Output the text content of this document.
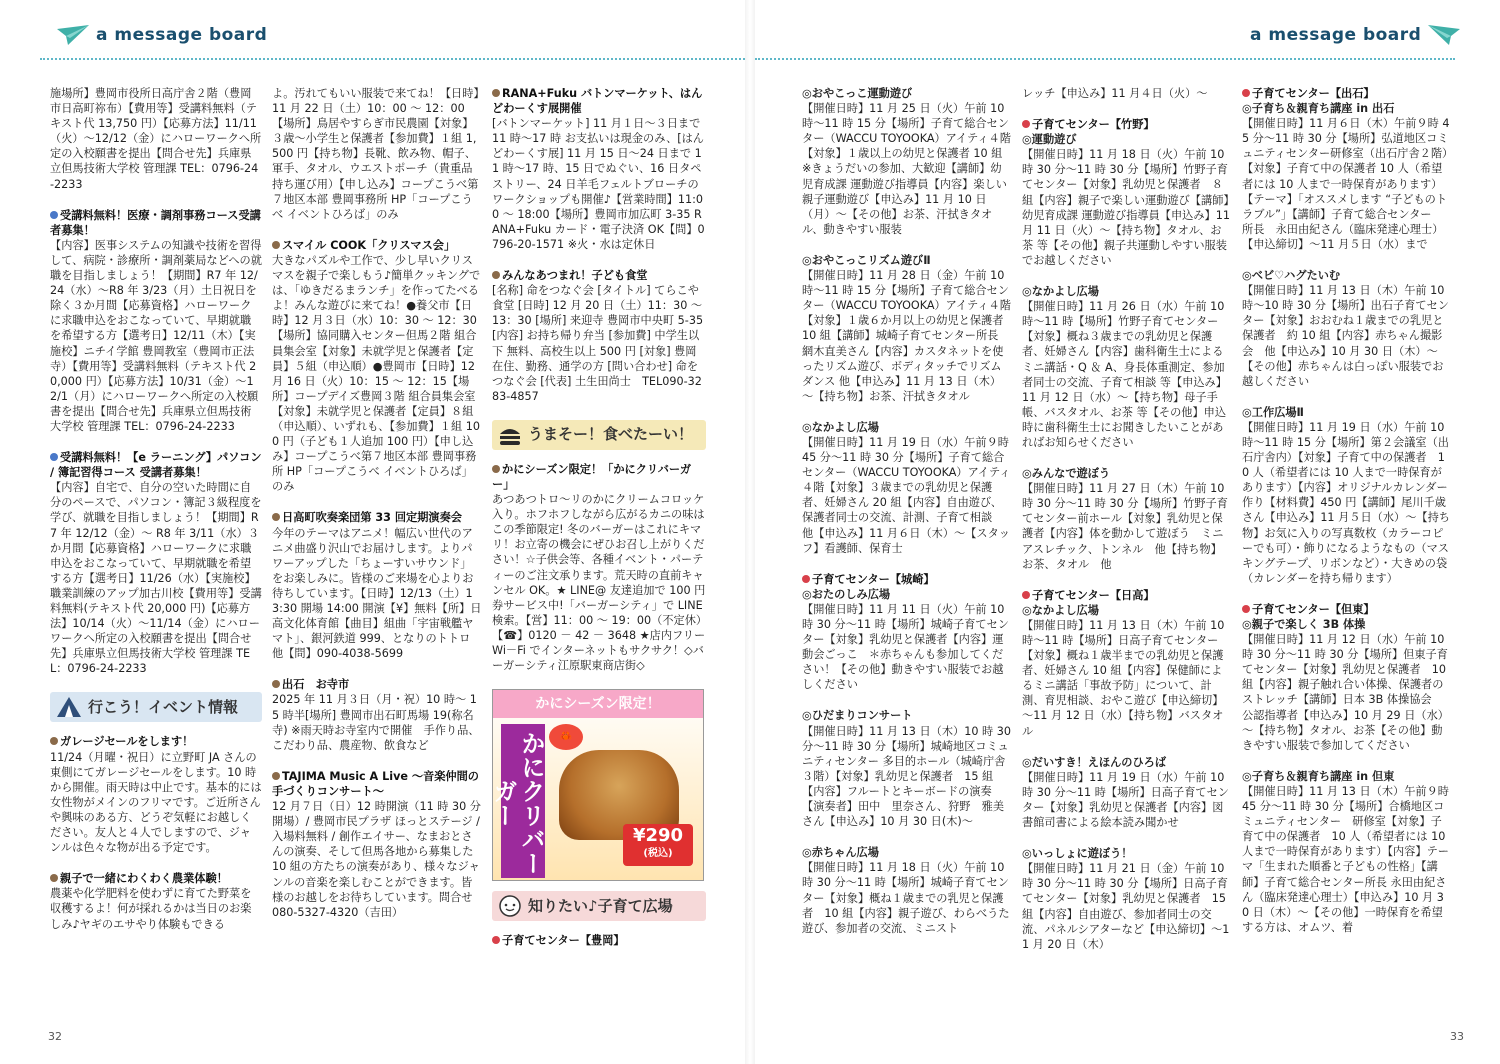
a message board
施場所】豊岡市役所日高庁舎２階（豊岡市日高町祢布）【費用等】受講料無料（テキスト代 13,750 円）【応募方法】11/11（火）～12/12（金）にハローワークへ所定の入校願書を提出【問合せ先】兵庫県立但馬技術大学校 管理課 TEL：0796-24-2233
受講料無料！医療・調剤事務コース受講者募集！
【内容】医事システムの知識や技術を習得して、病院・診療所・調剤薬局などへの就職を目指しましょう！【期間】R7 年 12/24（水）～R8 年 3/23（月）土日祝日を除く３か月間【応募資格】ハローワークに求職申込をおこなっていて、早期就職を希望する方【選考日】12/11（木）【実施校】ニチイ学館 豊岡教室（豊岡市正法寺）【費用等】受講料無料（テキスト代 20,000 円）【応募方法】10/31（金）～12/1（月）にハローワークへ所定の入校願書を提出【問合せ先】兵庫県立但馬技術大学校 管理課 TEL：0796-24-2233
受講料無料！【e ラーニング】パソコン / 簿記習得コース 受講者募集！
【内容】自宅で、自分の空いた時間に自分のペースで、パソコン・簿記３級程度を学び、就職を目指しましょう！【期間】R7 年 12/12（金）～ R8 年 3/11（水）３か月間【応募資格】ハローワークに求職申込をおこなっていて、早期就職を希望する方【選考日】11/26（水）【実施校】職業訓練のアップ加古川校【費用等】受講料無料(テキスト代 20,000 円)【応募方法】10/14（火）～11/14（金）にハローワークへ所定の入校願書を提出【問合せ先】兵庫県立但馬技術大学校 管理課 TEL：0796-24-2233
行こう！イベント情報
ガレージセールをします！
11/24（月曜・祝日）に立野町 JA さんの東側にてガレージセールをします。10 時から開催。雨天時は中止です。基本的には女性物がメインのフリマです。ご近所さんや興味のある方、どうぞ気軽にお越しください。友人と４人でしますので、ジャンルは色々な物が出る予定です。
親子で一緒にわくわく農業体験！
農薬や化学肥料を使わずに育てた野菜を収穫するよ！何が採れるかは当日のお楽しみ♪ヤギのエサやり体験もできる
よ。汚れてもいい服装で来てね！【日時】11 月 22 日（土）10：00 ～ 12：00【場所】鳥居やすらぎ市民農園【対象】３歳～小学生と保護者【参加費】１組 1,500 円【持ち物】長靴、飲み物、帽子、軍手、タオル、ウエストポーチ（貴重品持ち運び用）【申し込み】コープこうべ第７地区本部 豊岡事務所 HP「コープこうべ イベントひろば」のみ
スマイル COOK「クリスマス会」
大きなパズルや工作で、少し早いクリスマスを親子で楽しもう♪簡単クッキングでは、「ゆきだるまランチ」を作ってたべるよ！みんな遊びに来てね！●養父市【日時】12 月３日（水）10：30 ～ 12：30【場所】協同購入センター但馬２階 組合員集会室【対象】未就学児と保護者【定員】５組（申込順）●豊岡市【日時】12 月 16 日（火）10：15 ～ 12：15【場所】コープデイズ豊岡３階 組合員集会室【対象】未就学児と保護者【定員】８組（申込順）、いずれも、【参加費】１組 100 円（子ども１人追加 100 円）【申し込み】コープこうべ第７地区本部 豊岡事務所 HP「コープこうべ イベントひろば」のみ
日高町吹奏楽団第 33 回定期演奏会
今年のテーマはアニメ！幅広い世代のアニメ曲盛り沢山でお届けします。よりパワーアップした「ちょーすいサウンド」をお楽しみに。皆様のご来場を心よりお待ちしています。【日時】12/13（土）13:30 開場 14:00 開演【¥】無料【所】日高文化体育館【曲目】組曲「宇宙戦艦ヤマト」、銀河鉄道 999、となりのトトロ 他【問】090-4038-5699
出石　お寺市
2025 年 11 月３日（月・祝）10 時～ 15 時半[場所] 豊岡市出石町馬場 19(称名寺) ※雨天時お寺室内で開催　手作り品、こだわり品、農産物、飲食など
TAJIMA Music A Live ～音楽仲間の手づくりコンサート～
12 月７日（日）12 時開演（11 時 30 分開場）/ 豊岡市民プラザ ほっとステージ / 入場料無料 / 創作エイサー、なまおとさんの演奏、そして但馬各地から募集した 10 組の方たちの演奏があり、様々なジャンルの音楽を楽しむことができます。皆様のお越しをお待ちしています。問合せ　080-5327-4320（吉田）
RANA+Fuku バトンマーケット、はんどわーくす展開催
[バトンマーケット] 11 月１日～３日まで 11 時～17 時 お支払いは現金のみ、[はんどわーくす展] 11 月 15 日～24 日まで 11 時～17 時、15 日でぬぐい、16 日タペストリー、24 日羊毛フェルトブローチのワークショップも開催♪【営業時間】11:00 ～ 18:00【場所】豊岡市加広町 3-35 RANA+Fuku カード・電子決済 OK【問】0796-20-1571 ※火・水は定休日
みんなあつまれ！子ども食堂
[名称] 命をつなぐ会 [タイトル] てらこや食堂 [日時] 12 月 20 日（土）11：30 ～ 13：30 [場所] 来迎寺 豊岡市中央町 5-35 [内容] お持ち帰り弁当 [参加費] 中学生以下 無料、高校生以上 500 円 [対象] 豊岡在住、勤務、通学の方 [問い合わせ] 命をつなぐ会 [代表] 土生田尚士　TEL090-3283-4857
うまそー！食べたーい！
かにシーズン限定！「かにクリバーガー」
あつあつトロ～リのかにクリームコロッケ入り。ホフホフしながら広がるカニの味はこの季節限定! 冬のバーガーはこれにキマリ！お立寄の機会にぜひお召し上がりください！☆子供会等、各種イベント・パーティーのご注文承ります。荒天時の直前キャンセル OK。★ LINE@ 友達追加で 100 円券サービス中!「バーガーシティ」で LINE 検索。【営】11：00 ～ 19：00（不定休）【☎】0120 － 42 － 3648 ★店内フリー Wi－Fi でインターネットもサクサク！◇バーガーシティ江原駅東商店街◇
かにシーズン限定！
かにクリバーガー
🦀
¥290
(税込)
知りたい♪子育て広場
子育てセンター【豊岡】
32
a message board
◎おやこっこ運動遊び
【開催日時】11 月 25 日（火）午前 10 時～11 時 15 分【場所】子育て総合センター（WACCU TOYOOKA）アイティ４階【対象】１歳以上の幼児と保護者 10 組 ※きょうだいの参加、大歓迎【講師】幼児育成課 運動遊び指導員【内容】楽しい親子運動遊び【申込み】11 月 10 日（月）～【その他】お茶、汗拭きタオル、動きやすい服装
◎おやこっこリズム遊びⅡ
【開催日時】11 月 28 日（金）午前 10 時～11 時 15 分【場所】子育て総合センター（WACCU TOYOOKA）アイティ４階【対象】１歳６か月以上の幼児と保護者 10 組【講師】城崎子育てセンター所長　網木直美さん【内容】カスタネットを使ったリズム遊び、ボディタッチでリズムダンス 他【申込み】11 月 13 日（木）～【持ち物】お茶、汗拭きタオル
◎なかよし広場
【開催日時】11 月 19 日（水）午前９時 45 分～11 時 30 分【場所】子育て総合センター（WACCU TOYOOKA）アイティ４階【対象】３歳までの乳幼児と保護者、妊婦さん 20 組【内容】自由遊び、保護者同士の交流、計測、子育て相談　他【申込み】11 月６日（木）～【スタッフ】看護師、保育士
子育てセンター【城崎】
◎おたのしみ広場
【開催日時】11 月 11 日（火）午前 10 時 30 分～11 時【場所】城崎子育てセンター【対象】乳幼児と保護者【内容】運動会ごっこ　＊赤ちゃんも参加してください！【その他】動きやすい服装でお越しください
◎ひだまりコンサート
【開催日時】11 月 13 日（木）10 時 30 分～11 時 30 分【場所】城崎地区コミュニティセンター 多目的ホール（城崎庁舎３階）【対象】乳幼児と保護者　15 組【内容】フルートとキーボードの演奏【演奏者】田中　里奈さん、狩野　雅美さん【申込み】10 月 30 日(木)～
◎赤ちゃん広場
【開催日時】11 月 18 日（火）午前 10 時 30 分～11 時【場所】城崎子育てセンター【対象】概ね１歳までの乳児と保護者　10 組【内容】親子遊び、わらべうた遊び、参加者の交流、ミニスト
レッチ【申込み】11 月４日（火）～
子育てセンター【竹野】
◎運動遊び
【開催日時】11 月 18 日（火）午前 10 時 30 分～11 時 30 分【場所】竹野子育てセンター【対象】乳幼児と保護者　８組【内容】親子で楽しい運動遊び【講師】幼児育成課 運動遊び指導員【申込み】11 月 11 日（火）～【持ち物】タオル、お茶 等【その他】親子共運動しやすい服装でお越しください
◎なかよし広場
【開催日時】11 月 26 日（水）午前 10 時～11 時【場所】竹野子育てセンター【対象】概ね３歳までの乳幼児と保護者、妊婦さん【内容】歯科衛生士によるミニ講話・Q ＆ A、身長体重測定、参加者同士の交流、子育て相談 等【申込み】11 月 12 日（水）～【持ち物】母子手帳、バスタオル、お茶 等【その他】申込時に歯科衛生士にお聞きしたいことがあればお知らせください
◎みんなで遊ぼう
【開催日時】11 月 27 日（木）午前 10 時 30 分～11 時 30 分【場所】竹野子育てセンター前ホール【対象】乳幼児と保護者【内容】体を動かして遊ぼう　ミニアスレチック、トンネル　他【持ち物】お茶、タオル　他
子育てセンター【日高】
◎なかよし広場
【開催日時】11 月 13 日（木）午前 10 時～11 時【場所】日高子育てセンター【対象】概ね１歳半までの乳幼児と保護者、妊婦さん 10 組【内容】保健師によるミニ講話「事故予防」について、計測、育児相談、おやこ遊び【申込締切】～11 月 12 日（水）【持ち物】バスタオル
◎だいすき！えほんのひろば
【開催日時】11 月 19 日（水）午前 10 時 30 分～11 時【場所】日高子育てセンター【対象】乳幼児と保護者【内容】図書館司書による絵本読み聞かせ
◎いっしょに遊ぼう！
【開催日時】11 月 21 日（金）午前 10 時 30 分～11 時 30 分【場所】日高子育てセンター【対象】乳幼児と保護者　15 組【内容】自由遊び、参加者同士の交流、パネルシアターなど【申込締切】～11 月 20 日（木）
子育てセンター【出石】
◎子育ち＆親育ち講座 in 出石
【開催日時】11 月６日（木）午前９時 45 分～11 時 30 分【場所】弘道地区コミュニティセンター研修室（出石庁舎２階）【対象】子育て中の保護者 10 人（希望者には 10 人まで一時保育があります）【テーマ】「オススメします “子どものトラブル”」【講師】子育て総合センター　所長　永田由紀さん（臨床発達心理士）【申込締切】～11 月５日（水）まで
◎ベビ♡ハグたいむ
【開催日時】11 月 13 日（木）午前 10 時～10 時 30 分【場所】出石子育てセンター【対象】おおむね１歳までの乳児と保護者　約 10 組【内容】赤ちゃん撮影会　他【申込み】10 月 30 日（木）～【その他】赤ちゃんは白っぽい服装でお越しください
◎工作広場Ⅱ
【開催日時】11 月 19 日（水）午前 10 時～11 時 15 分【場所】第２会議室（出石庁舎内）【対象】子育て中の保護者　10 人（希望者には 10 人まで一時保育があります）【内容】オリジナルカレンダー作り【材料費】450 円【講師】尾川千歳さん【申込み】11 月５日（水）～【持ち物】お気に入りの写真数枚（カラーコピーでも可）・飾りになるようなもの（マスキングテープ、リボンなど）・大きめの袋（カレンダーを持ち帰ります）
子育てセンター【但東】
◎親子で楽しく 3B 体操
【開催日時】11 月 12 日（水）午前 10 時 30 分～11 時 30 分【場所】但東子育てセンター【対象】乳幼児と保護者　10 組【内容】親子触れ合い体操、保護者のストレッチ【講師】日本 3B 体操協会　公認指導者【申込み】10 月 29 日（水）～【持ち物】タオル、お茶【その他】動きやすい服装で参加してください
◎子育ち＆親育ち講座 in 但東
【開催日時】11 月 13 日（木）午前９時 45 分～11 時 30 分【場所】合橋地区コミュニティセンター　研修室【対象】子育て中の保護者　10 人（希望者には 10 人まで一時保育があります）【内容】テーマ「生まれた順番と子どもの性格」【講師】子育て総合センター所長 永田由紀さん（臨床発達心理士）【申込み】10 月 30 日（木）～【その他】一時保育を希望する方は、オムツ、着
33
